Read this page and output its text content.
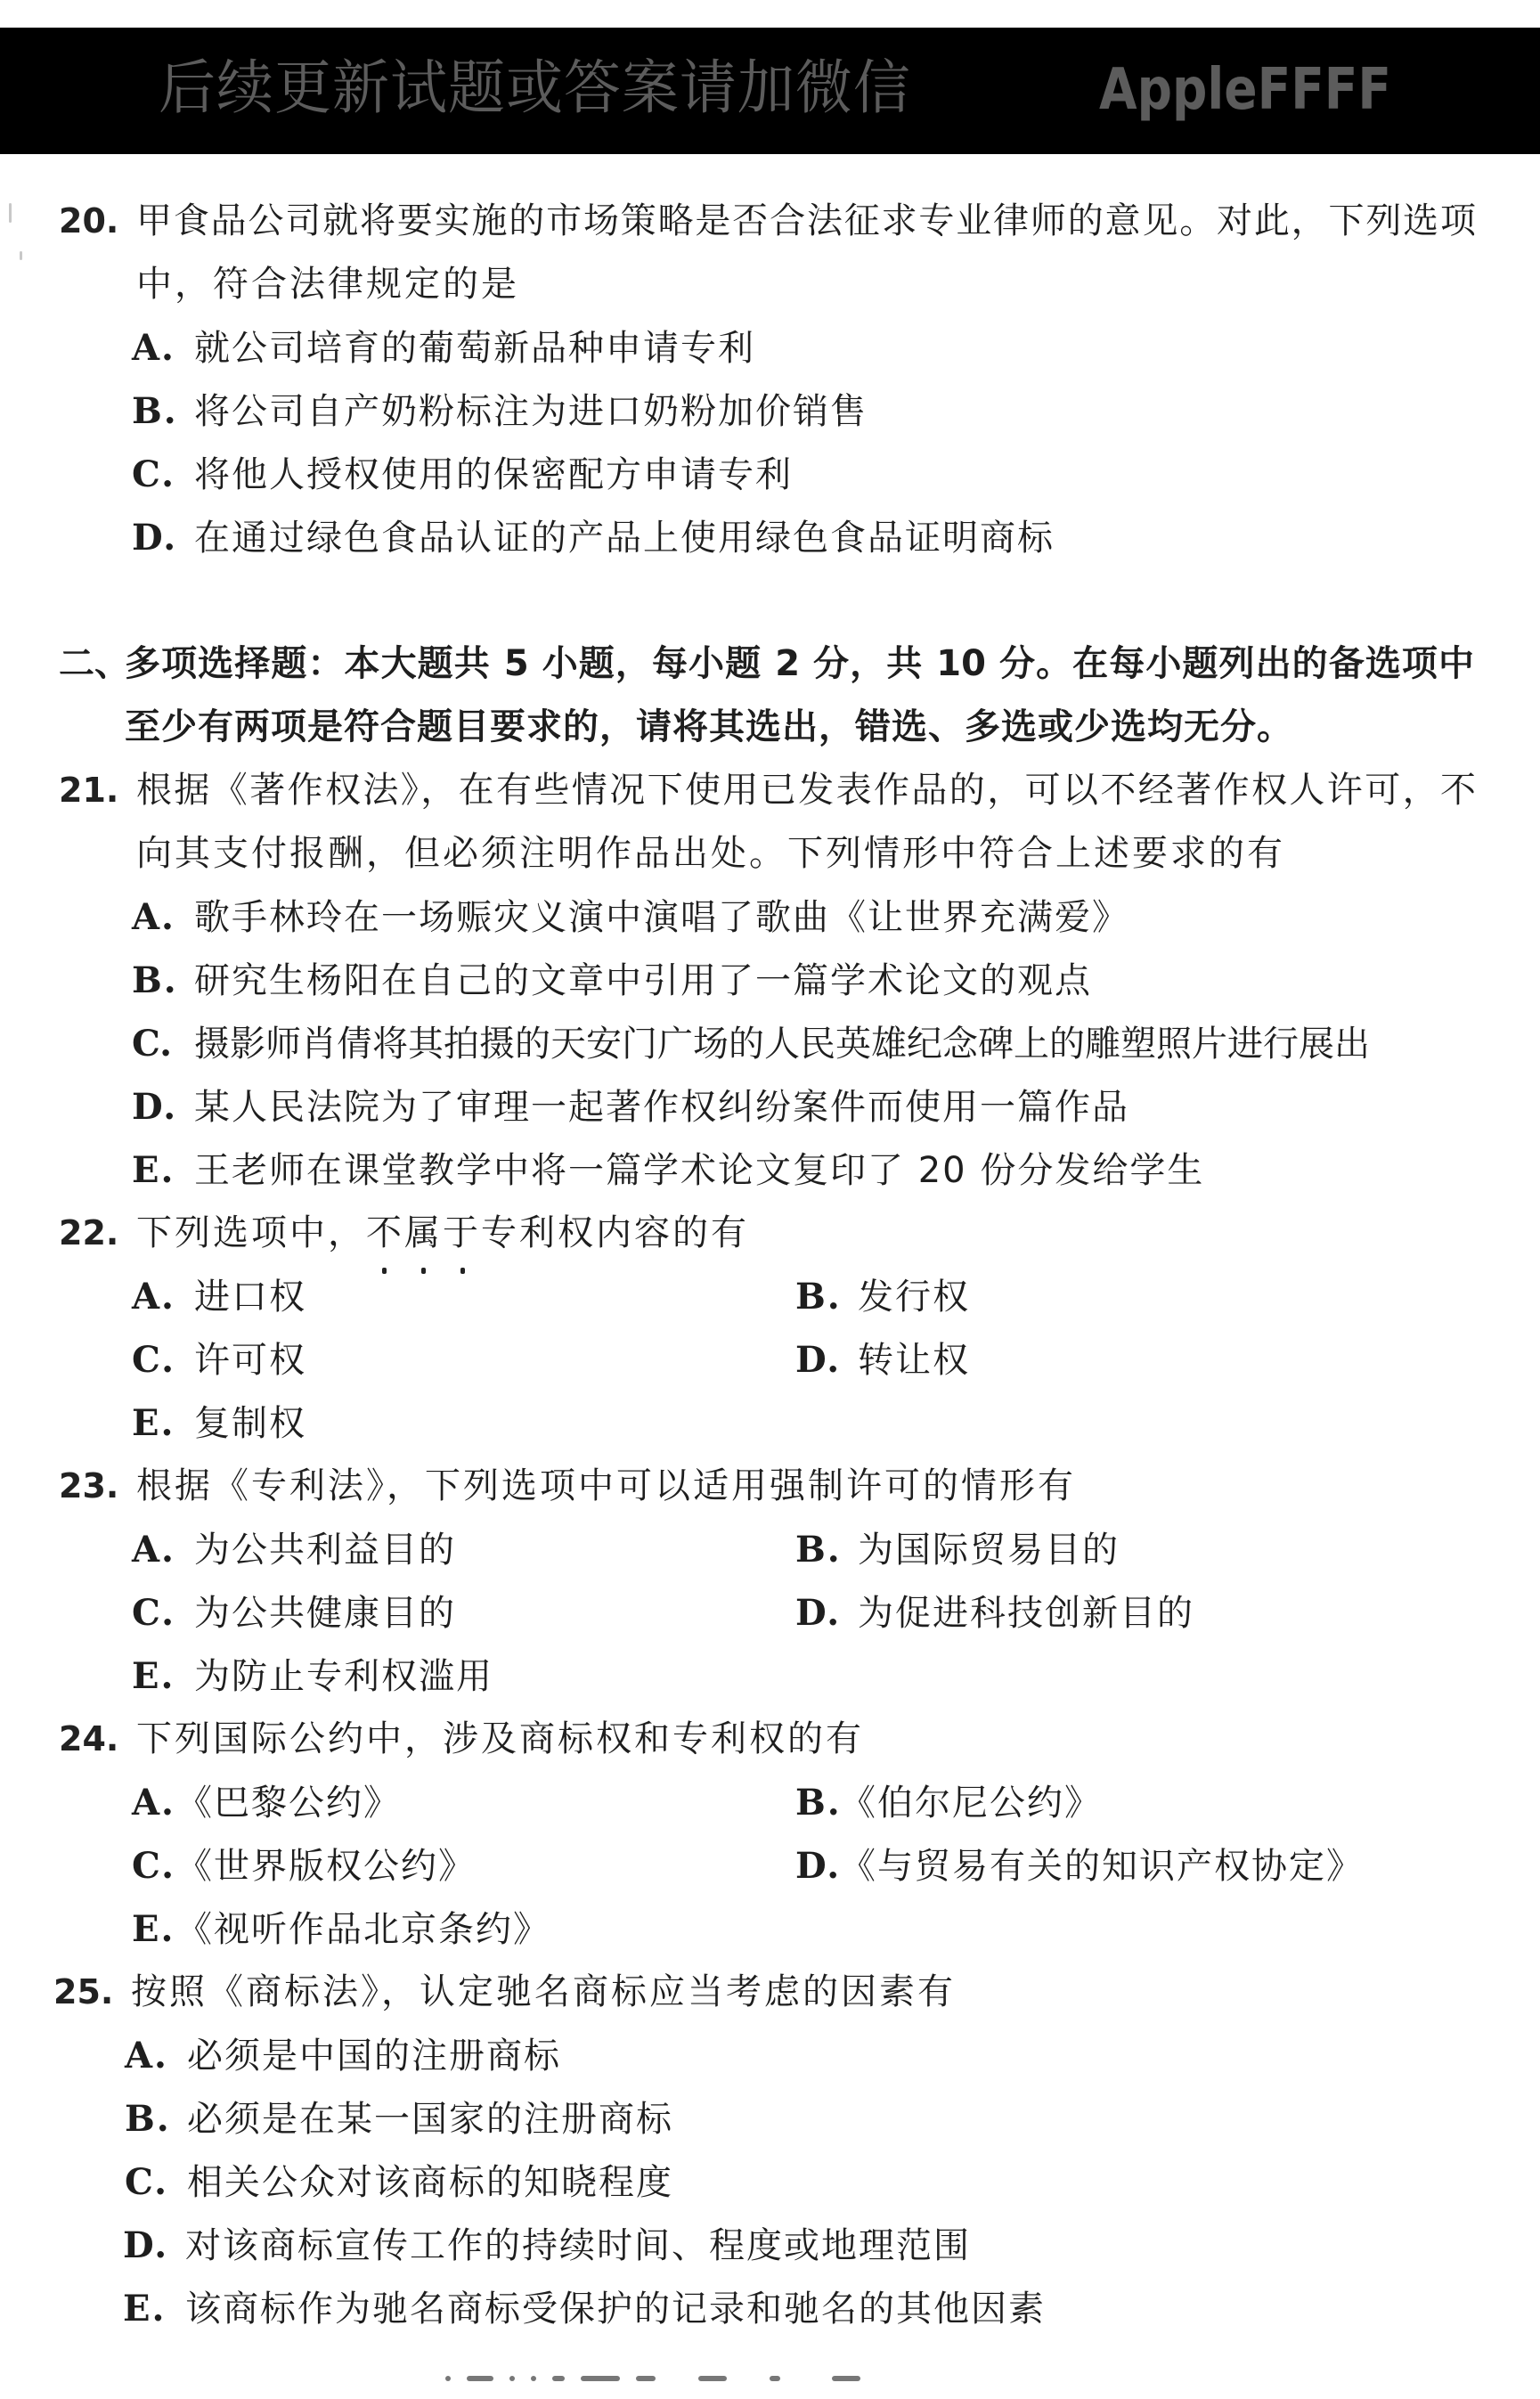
后续更新试题或答案请加微信	AppleFFFF
20. 甲食品公司就将要实施的市场策略是否合法征求专业律师的意见。对此，下列选项
中，符合法律规定的是
A. 就公司培育的葡萄新品种申请专利
B. 将公司自产奶粉标注为进口奶粉加价销售
C. 将他人授权使用的保密配方申请专利
D. 在通过绿色食品认证的产品上使用绿色食品证明商标
二、
多项选择题：本大题共 5 小题，每小题 2 分，共 10 分。在每小题列出的备选项中
至少有两项是符合题目要求的，请将其选出，错选、多选或少选均无分。
21. 根据《著作权法》，在有些情况下使用已发表作品的，可以不经著作权人许可，不
向其支付报酬，但必须注明作品出处。下列情形中符合上述要求的有
A. 歌手林玲在一场赈灾义演中演唱了歌曲《让世界充满爱》
B. 研究生杨阳在自己的文章中引用了一篇学术论文的观点
C. 摄影师肖倩将其拍摄的天安门广场的人民英雄纪念碑上的雕塑照片进行展出
D. 某人民法院为了审理一起著作权纠纷案件而使用一篇作品
E. 王老师在课堂教学中将一篇学术论文复印了 20 份分发给学生
22. 下列选项中，不属于
专利权内容的有
A. 进口权	B. 发行权
C. 许可权	D. 转让权
E. 复制权
23. 根据《专利法》，下列选项中可以适用强制许可的情形有
A. 为公共利益目的	B. 为国际贸易目的
C. 为公共健康目的	D. 为促进科技创新目的
E. 为防止专利权滥用
24. 下列国际公约中，涉及商标权和专利权的有
A.《巴黎公约》	B.《伯尔尼公约》
C.《世界版权公约》	D.《与贸易有关的知识产权协定》
E.《视听作品北京条约》
25. 按照《商标法》，认定驰名商标应当考虑的因素有
A. 必须是中国的注册商标
B. 必须是在某一国家的注册商标
C. 相关公众对该商标的知晓程度
D. 对该商标宣传工作的持续时间、程度或地理范围
E. 该商标作为驰名商标受保护的记录和驰名的其他因素
